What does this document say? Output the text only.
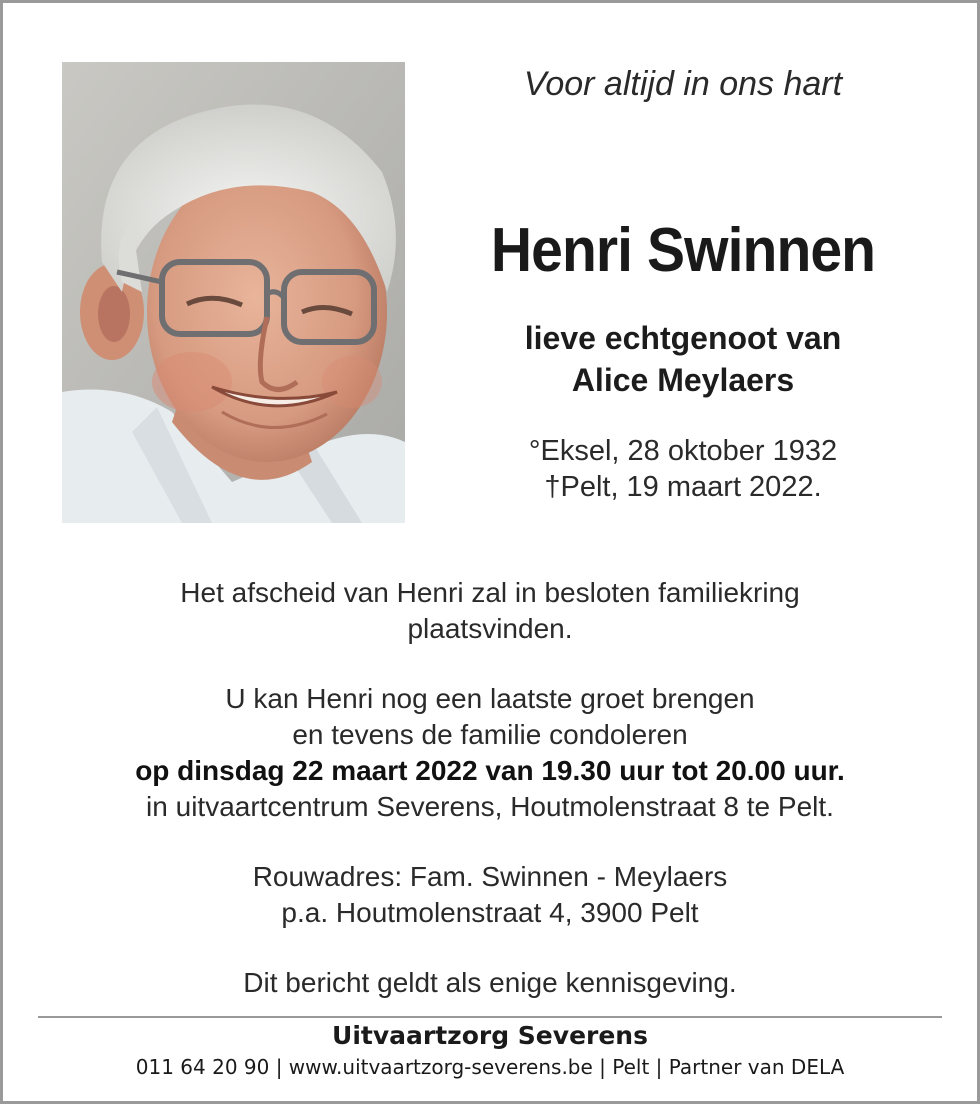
Voor altijd in ons hart
Henri Swinnen
lieve echtgenoot van
Alice Meylaers
°Eksel, 28 oktober 1932
†Pelt, 19 maart 2022.

Het afscheid van Henri zal in besloten familiekring

plaatsvinden.

U kan Henri nog een laatste groet brengen

en tevens de familie condoleren

op dinsdag 22 maart 2022 van 19.30 uur tot 20.00 uur.

in uitvaartcentrum Severens, Houtmolenstraat 8 te Pelt.

Rouwadres: Fam. Swinnen - Meylaers

p.a. Houtmolenstraat 4, 3900 Pelt

Dit bericht geldt als enige kennisgeving.

Uitvaartzorg Severens
011 64 20 90 | www.uitvaartzorg-severens.be | Pelt | Partner van DELA
